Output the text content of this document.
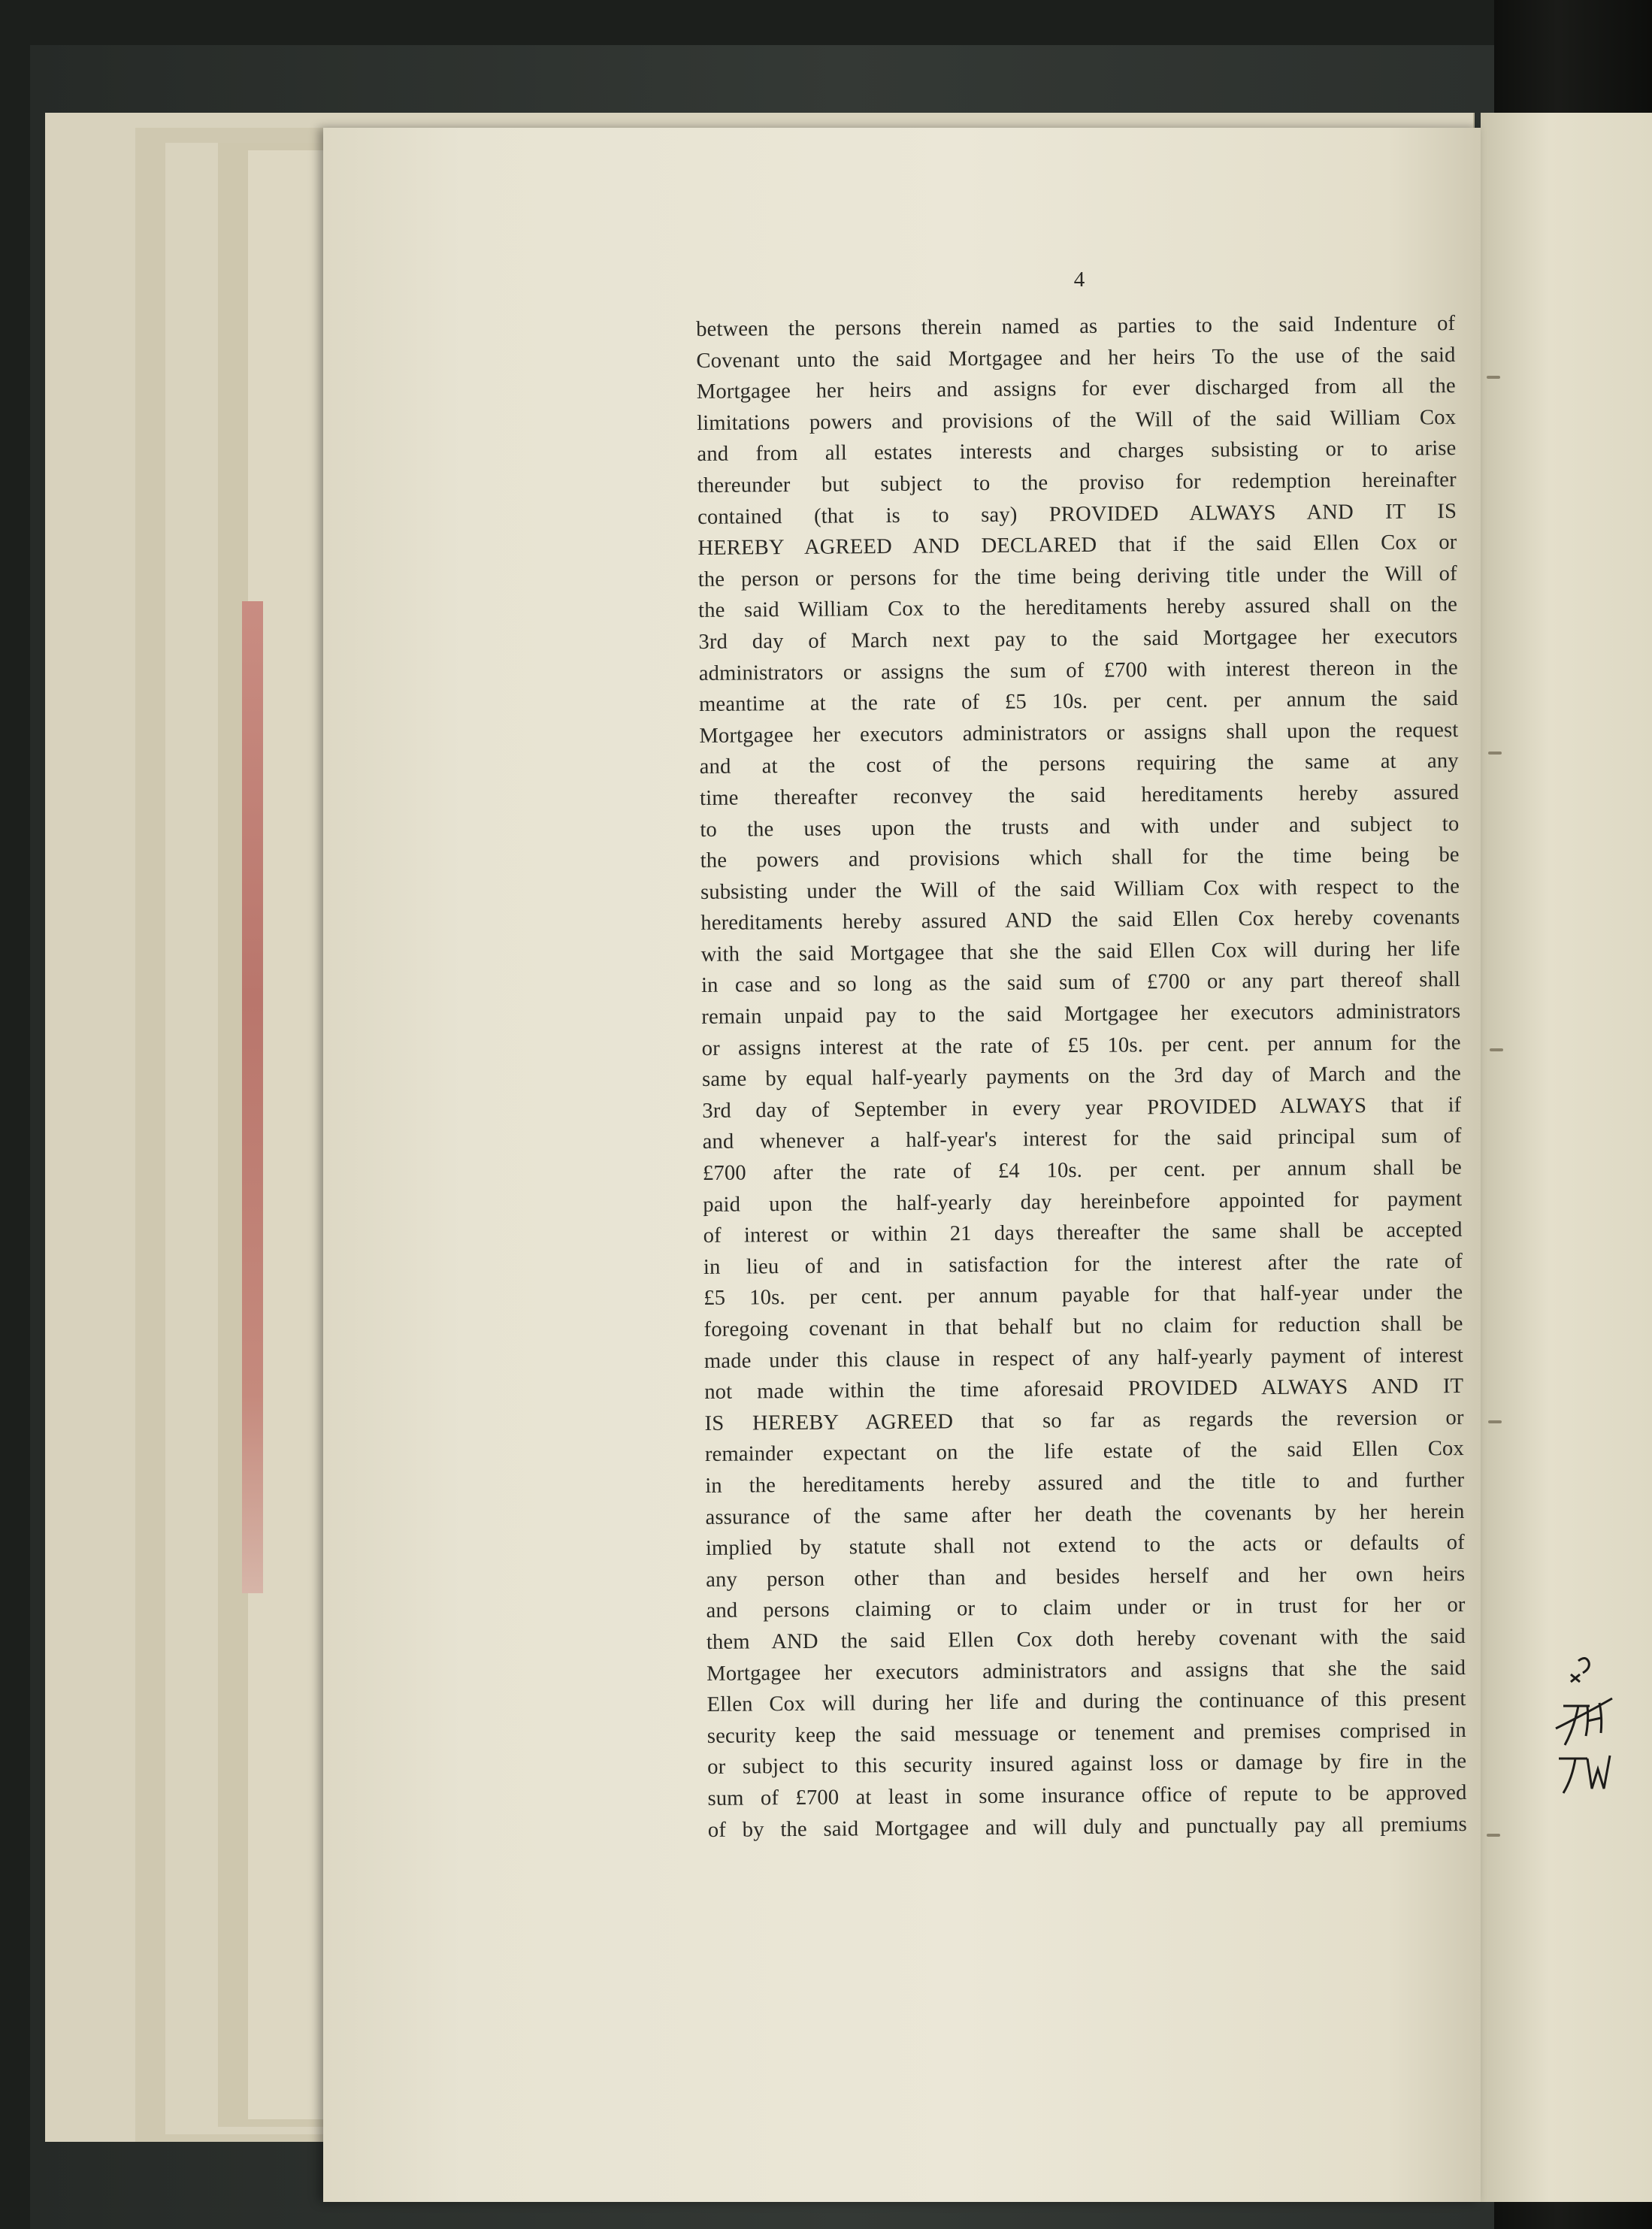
4
between the persons therein named as parties to the said Indenture of
Covenant unto the said Mortgagee and her heirs To the use of the said
Mortgagee her heirs and assigns for ever discharged from all the
limitations powers and provisions of the Will of the said William Cox
and from all estates interests and charges subsisting or to arise
thereunder but subject to the proviso for redemption hereinafter
contained (that is to say) PROVIDED ALWAYS AND IT IS
HEREBY AGREED AND DECLARED that if the said Ellen Cox or
the person or persons for the time being deriving title under the Will of
the said William Cox to the hereditaments hereby assured shall on the
3rd day of March next pay to the said Mortgagee her executors
administrators or assigns the sum of £700 with interest thereon in the
meantime at the rate of £5 10s. per cent. per annum the said
Mortgagee her executors administrators or assigns shall upon the request
and at the cost of the persons requiring the same at any
time thereafter reconvey the said hereditaments hereby assured
to the uses upon the trusts and with under and subject to
the powers and provisions which shall for the time being be
subsisting under the Will of the said William Cox with respect to the
hereditaments hereby assured AND the said Ellen Cox hereby covenants
with the said Mortgagee that she the said Ellen Cox will during her life
in case and so long as the said sum of £700 or any part thereof shall
remain unpaid pay to the said Mortgagee her executors administrators
or assigns interest at the rate of £5 10s. per cent. per annum for the
same by equal half-yearly payments on the 3rd day of March and the
3rd day of September in every year PROVIDED ALWAYS that if
and whenever a half-year's interest for the said principal sum of
£700 after the rate of £4 10s. per cent. per annum shall be
paid upon the half-yearly day hereinbefore appointed for payment
of interest or within 21 days thereafter the same shall be accepted
in lieu of and in satisfaction for the interest after the rate of
£5 10s. per cent. per annum payable for that half-year under the
foregoing covenant in that behalf but no claim for reduction shall be
made under this clause in respect of any half-yearly payment of interest
not made within the time aforesaid PROVIDED ALWAYS AND IT
IS HEREBY AGREED that so far as regards the reversion or
remainder expectant on the life estate of the said Ellen Cox
in the hereditaments hereby assured and the title to and further
assurance of the same after her death the covenants by her herein
implied by statute shall not extend to the acts or defaults of
any person other than and besides herself and her own heirs
and persons claiming or to claim under or in trust for her or
them AND the said Ellen Cox doth hereby covenant with the said
Mortgagee her executors administrators and assigns that she the said
Ellen Cox will during her life and during the continuance of this present
security keep the said messuage or tenement and premises comprised in
or subject to this security insured against loss or damage by fire in the
sum of £700 at least in some insurance office of repute to be approved
of by the said Mortgagee and will duly and punctually pay all premiums
